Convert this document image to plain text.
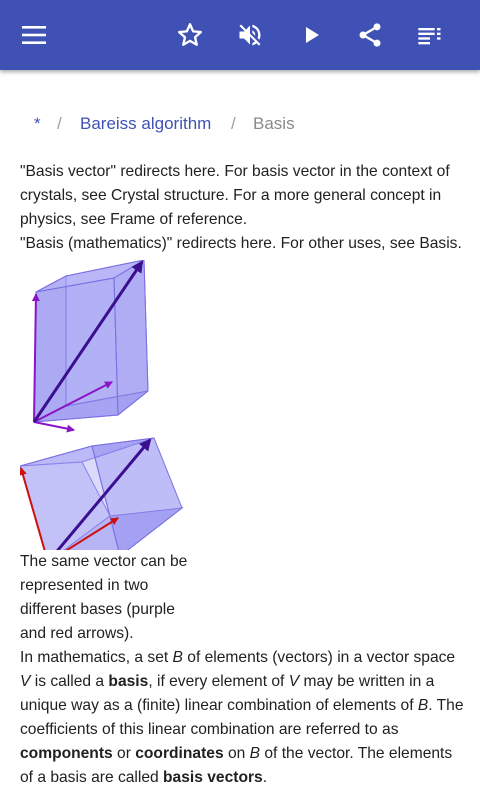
* / Bareiss algorithm / Basis

"Basis vector" redirects here. For basis vector in the context of crystals, see Crystal structure. For a more general concept in physics, see Frame of reference.

"Basis (mathematics)" redirects here. For other uses, see Basis.

The same vector can be represented in two different bases (purple and red arrows).

In mathematics, a set B of elements (vectors) in a vector space V is called a basis, if every element of V may be written in a unique way as a (finite) linear combination of elements of B. The coefficients of this linear combination are referred to as components or coordinates on B of the vector. The elements of a basis are called basis vectors.
